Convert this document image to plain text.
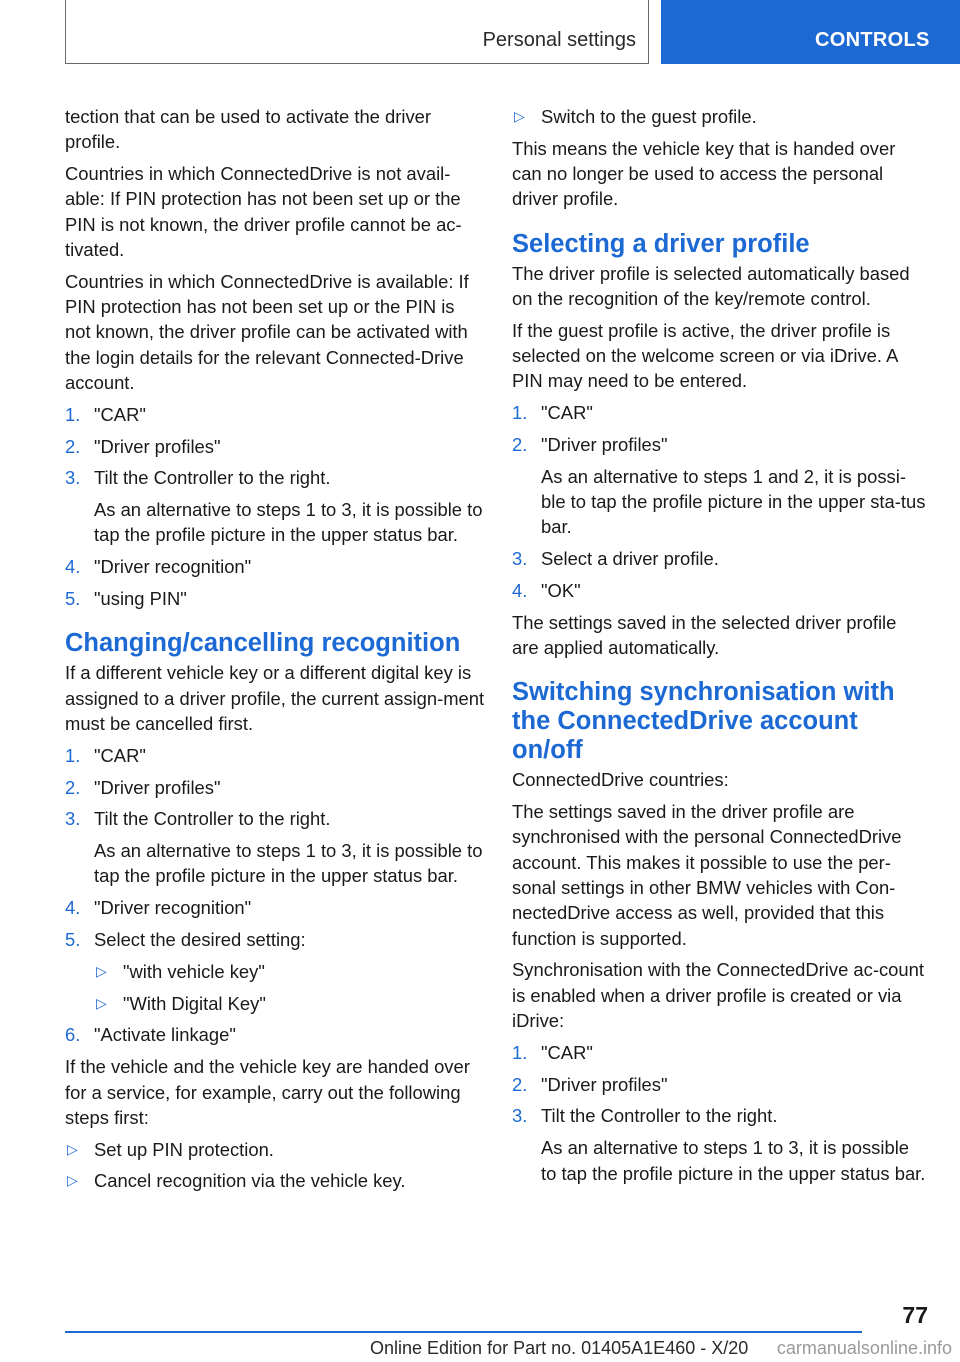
Personal settings	CONTROLS
tection that can be used to activate the driver profile.
Countries in which ConnectedDrive is not avail‐able: If PIN protection has not been set up or the PIN is not known, the driver profile cannot be ac‐tivated.
Countries in which ConnectedDrive is available: If PIN protection has not been set up or the PIN is not known, the driver profile can be activated with the login details for the relevant Connected‐Drive account.
1. "CAR"
2. "Driver profiles"
3. Tilt the Controller to the right.
As an alternative to steps 1 to 3, it is possible to tap the profile picture in the upper status bar.
4. "Driver recognition"
5. "using PIN"
Changing/cancelling recognition
If a different vehicle key or a different digital key is assigned to a driver profile, the current assign‐ment must be cancelled first.
1. "CAR"
2. "Driver profiles"
3. Tilt the Controller to the right.
As an alternative to steps 1 to 3, it is possible to tap the profile picture in the upper status bar.
4. "Driver recognition"
5. Select the desired setting:
▷ "with vehicle key"
▷ "With Digital Key"
6. "Activate linkage"
If the vehicle and the vehicle key are handed over for a service, for example, carry out the following steps first:
▷ Set up PIN protection.
▷ Cancel recognition via the vehicle key.
▷ Switch to the guest profile.
This means the vehicle key that is handed over can no longer be used to access the personal driver profile.
Selecting a driver profile
The driver profile is selected automatically based on the recognition of the key/remote control.
If the guest profile is active, the driver profile is selected on the welcome screen or via iDrive. A PIN may need to be entered.
1. "CAR"
2. "Driver profiles"
As an alternative to steps 1 and 2, it is possi‐ble to tap the profile picture in the upper sta‐tus bar.
3. Select a driver profile.
4. "OK"
The settings saved in the selected driver profile are applied automatically.
Switching synchronisation with the ConnectedDrive account on/off
ConnectedDrive countries:
The settings saved in the driver profile are synchronised with the personal ConnectedDrive account. This makes it possible to use the per‐sonal settings in other BMW vehicles with Con‐nectedDrive access as well, provided that this function is supported.
Synchronisation with the ConnectedDrive ac‐count is enabled when a driver profile is created or via iDrive:
1. "CAR"
2. "Driver profiles"
3. Tilt the Controller to the right.
As an alternative to steps 1 to 3, it is possible to tap the profile picture in the upper status bar.
77
Online Edition for Part no. 01405A1E460 - X/20 carmanualsonline.info
